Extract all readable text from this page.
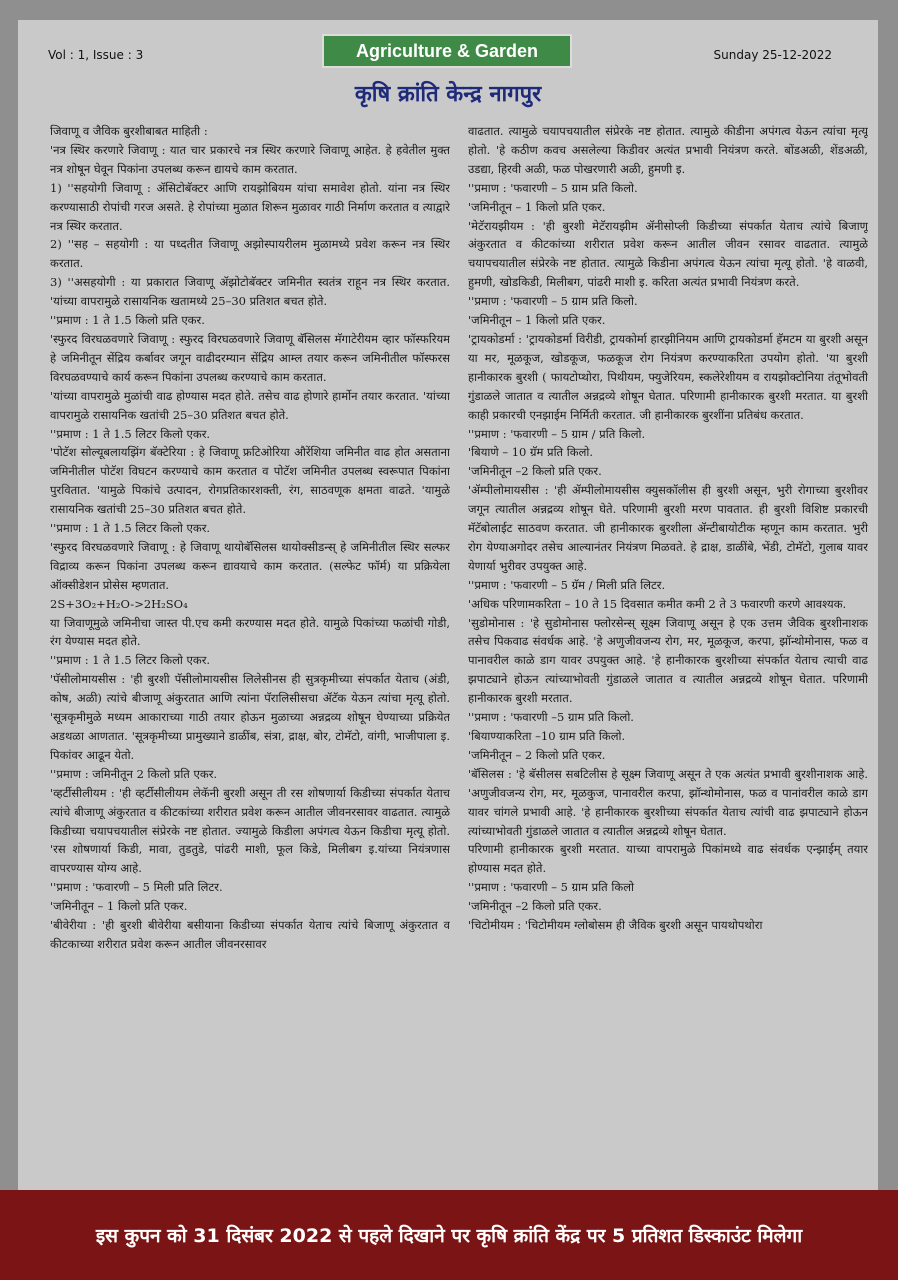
Vol : 1, Issue : 3	Agriculture & Garden	Sunday 25-12-2022
कृषि क्रांति केन्द्र नागपुर

जिवाणू व जैविक बुरशीबाबत माहिती :

'नत्र स्थिर करणारे जिवाणू : यात चार प्रकारचे नत्र स्थिर करणारे जिवाणू आहेत. हे हवेतील मुक्त नत्र शोषून घेवून पिकांना उपलब्ध करून द्यायचे काम करतात.

1) ''सहयोगी जिवाणू : ॲसिटोबॅक्टर आणि रायझोबियम यांचा समावेश होतो. यांना नत्र स्थिर करण्यासाठी रोपांची गरज असते. हे रोपांच्या मुळात शिरून मुळावर गाठी निर्माण करतात व त्याद्वारे नत्र स्थिर करतात.

2) ''सह – सहयोगी : या पध्दतीत जिवाणू अझोस्पायरीलम मुळामध्ये प्रवेश करून नत्र स्थिर करतात.

3) ''असहयोगी : या प्रकारात जिवाणू ॲझोटोबॅक्टर जमिनीत स्वतंत्र राहून नत्र स्थिर करतात. 'यांच्या वापरामुळे रासायनिक खतामध्ये 25–30 प्रतिशत बचत होते.

''प्रमाण : 1 ते 1.5 किलो प्रति एकर.

'स्फुरद विरघळवणारे जिवाणू : स्फुरद विरघळवणारे जिवाणू बॅसिलस मॅगाटेरीयम व्हार फॉस्फरियम हे जमिनीतून सेंद्रिय कर्बावर जगून वाढीदरम्यान सेंद्रिय आम्ल तयार करून जमिनीतील फॉस्फरस विरघळवण्याचे कार्य करून पिकांना उपलब्ध करण्याचे काम करतात.

'यांच्या वापरामुळे मुळांची वाढ होण्यास मदत होते. तसेच वाढ होणारे हार्मोन तयार करतात. 'यांच्या वापरामुळे रासायनिक खतांची 25–30 प्रतिशत बचत होते.

''प्रमाण : 1 ते 1.5 लिटर किलो एकर.

'पोटॅश सोल्यूबलायझिंग बॅक्टेरिया : हे जिवाणू फ्रटिओरिया औरेंशिया जमिनीत वाढ होत असताना जमिनीतील पोटॅश विघटन करण्याचे काम करतात व पोटॅश जमिनीत उपलब्ध स्वरूपात पिकांना पुरवितात. 'यामुळे पिकांचे उत्पादन, रोगप्रतिकारशक्ती, रंग, साठवणूक क्षमता वाढते. 'यामुळे रासायनिक खतांची 25–30 प्रतिशत बचत होते.

''प्रमाण : 1 ते 1.5 लिटर किलो एकर.

'स्फुरद विरघळवणारे जिवाणू : हे जिवाणू थायोबॅसिलस थायोक्सीडन्स् हे जमिनीतील स्थिर सल्फर विद्राव्य करून पिकांना उपलब्ध करून द्यावयाचे काम करतात. (सल्फेट फॉर्म) या प्रक्रियेला ऑक्सीडेशन प्रोसेस म्हणतात.

2S+3O₂+H₂O->2H₂SO₄

या जिवाणूमुळे जमिनीचा जास्त पी.एच कमी करण्यास मदत होते. यामुळे पिकांच्या फळांची गोडी, रंग येण्यास मदत होते.

''प्रमाण : 1 ते 1.5 लिटर किलो एकर.

'पॅसीलोमायसीस : 'ही बुरशी पॅसीलोमायसीस लिलेसीनस ही सुत्रकृमीच्या संपर्कात येताच (अंडी, कोष, अळी) त्यांचे बीजाणू अंकुरतात आणि त्यांना पॅरालिसीसचा ॲटॅक येऊन त्यांचा मृत्यू होतो. 'सूत्रकृमीमुळे मध्यम आकाराच्या गाठी तयार होऊन मुळाच्या अन्नद्रव्य शोषून घेण्याच्या प्रक्रियेत अडथळा आणतात. 'सूत्रकृमीच्या प्रामुख्याने डाळींब, संत्रा, द्राक्ष, बोर, टोमॅटो, वांगी, भाजीपाला इ. पिकांवर आढून येतो.

''प्रमाण : जमिनीतून 2 किलो प्रति एकर.

'व्हर्टीसीलीयम : 'ही व्हर्टीसीलीयम लेकॅनी बुरशी असून ती रस शोषणार्या किडीच्या संपर्कात येताच त्यांचे बीजाणू अंकुरतात व कीटकांच्या शरीरात प्रवेश करून आतील जीवनरसावर वाढतात. त्यामुळे किडीच्या चयापचयातील संप्रेरके नष्ट होतात. ज्यामुळे किडीला अपंगत्व येऊन किडीचा मृत्यू होतो. 'रस शोषणार्या किडी, मावा, तुडतुडे, पांढरी माशी, फूल किडे, मिलीबग इ.यांच्या नियंत्रणास वापरण्यास योग्य आहे.

''प्रमाण : 'फवारणी – 5 मिली प्रति लिटर.

'जमिनीतून – 1 किलो प्रति एकर.

'बीवेरीया : 'ही बुरशी बीवेरीया बसीयाना किडीच्या संपर्कात येताच त्यांचे बिजाणू अंकुरतात व कीटकाच्या शरीरात प्रवेश करून आतील जीवनरसावर

वाढतात. त्यामुळे चयापचयातील संप्रेरके नष्ट होतात. त्यामुळे कीडीना अपंगत्व येऊन त्यांचा मृत्यू होतो. 'हे कठीण कवच असलेल्या किडीवर अत्यंत प्रभावी नियंत्रण करते. बोंडअळी, शेंडअळी, उडद्या, हिरवी अळी, फळ पोखरणारी अळी, हुमणी इ.

''प्रमाण : 'फवारणी – 5 ग्राम प्रति किलो.

'जमिनीतून – 1 किलो प्रति एकर.

'मेटॅरायझीयम : 'ही बुरशी मेटॅरायझीम ॲनीसोप्ली किडीच्या संपर्कात येताच त्यांचे बिजाणू अंकुरतात व कीटकांच्या शरीरात प्रवेश करून आतील जीवन रसावर वाढतात. त्यामुळे चयापचयातील संप्रेरके नष्ट होतात. त्यामुळे किडीना अपंगत्व येऊन त्यांचा मृत्यू होतो. 'हे वाळवी, हुमणी, खोडकिडी, मिलीबग, पांढरी माशी इ. करिता अत्यंत प्रभावी नियंत्रण करते.

''प्रमाण : 'फवारणी – 5 ग्राम प्रति किलो.

'जमिनीतून – 1 किलो प्रति एकर.

'ट्रायकोडर्मा : 'ट्रायकोडर्मा विरीडी, ट्रायकोर्मा हारझीनियम आणि ट्रायकोडर्मा हॅमटम या बुरशी असून या मर, मूळकूज, खोडकूज, फळकूज रोग नियंत्रण करण्याकरिता उपयोग होतो. 'या बुरशी हानीकारक बुरशी ( फायटोप्थोरा, पिथीयम, फ्युजेरियम, स्कलेरेशीयम व रायझोक्टोनिया तंतूभोवती गुंडाळले जातात व त्यातील अन्नद्रव्ये शोषून घेतात. परिणामी हानीकारक बुरशी मरतात. या बुरशी काही प्रकारची एनझाईम निर्मिती करतात. जी हानीकारक बुरशींना प्रतिबंध करतात.

''प्रमाण : 'फवारणी – 5 ग्राम / प्रति किलो.

'बियाणे – 10 ग्रॅम प्रति किलो.

'जमिनीतून –2 किलो प्रति एकर.

'ॲम्पीलोमायसीस : 'ही ॲम्पीलोमायसीस क्युसकॉलीस ही बुरशी असून, भुरी रोगाच्या बुरशीवर जगून त्यातील अन्नद्रव्य शोषून घेते. परिणामी बुरशी मरण पावतात. ही बुरशी विशिष्ट प्रकारची मॅटॅबोलाईट साठवण करतात. जी हानीकारक बुरशीला ॲन्टीबायोटीक म्हणून काम करतात. भुरी रोग येण्याअगोदर तसेच आल्यानंतर नियंत्रण मिळवते. हे द्राक्ष, डाळींबे, भेंडी, टोमॅटो, गुलाब यावर येणार्या भुरीवर उपयुक्त आहे.

''प्रमाण : 'फवारणी – 5 ग्रॅम / मिली प्रति लिटर.

'अधिक परिणामकरिता – 10 ते 15 दिवसात कमीत कमी 2 ते 3 फवारणी करणे आवश्यक.

'सुडोमोनास : 'हे सुडोमोनास फ्लोरसेन्स् सूक्ष्म जिवाणू असून हे एक उत्तम जैविक बुरशीनाशक तसेच पिकवाढ संवर्धक आहे. 'हे अणुजीवजन्य रोग, मर, मूळकूज, करपा, झॉन्थोमोनास, फळ व पानावरील काळे डाग यावर उपयुक्त आहे. 'हे हानीकारक बुरशीच्या संपर्कात येताच त्याची वाढ झपाट्याने होऊन त्यांच्याभोवती गुंडाळले जातात व त्यातील अन्नद्रव्ये शोषून घेतात. परिणामी हानीकारक बुरशी मरतात.

''प्रमाण : 'फवारणी –5 ग्राम प्रति किलो.

'बियाण्याकरिता –10 ग्राम प्रति किलो.

'जमिनीतून – 2 किलो प्रति एकर.

'बॅसिलस : 'हे बॅसीलस सबटिलीस हे सूक्ष्म जिवाणू असून ते एक अत्यंत प्रभावी बुरशीनाशक आहे. 'अणुजीवजन्य रोग, मर, मूळकुज, पानावरील करपा, झॉन्थोमोनास, फळ व पानांवरील काळे डाग यावर चांगले प्रभावी आहे. 'हे हानीकारक बुरशीच्या संपर्कात येताच त्यांची वाढ झपाट्याने होऊन त्यांच्याभोवती गुंडाळले जातात व त्यातील अन्नद्रव्ये शोषून घेतात.

परिणामी हानीकारक बुरशी मरतात. याच्या वापरामुळे पिकांमध्ये वाढ संवर्धक एन्झाईम् तयार होण्यास मदत होते.

''प्रमाण : 'फवारणी – 5 ग्राम प्रति किलो

'जमिनीतून –2 किलो प्रति एकर.

'चिटोमीयम : 'चिटोमीयम ग्लोबोसम ही जैविक बुरशी असून पायथोपथोरा

इस कुपन को 31 दिसंबर 2022 से पहले दिखाने पर कृषि क्रांति केंद्र पर 5 प्रतिशत डिस्काउंट मिलेगा
